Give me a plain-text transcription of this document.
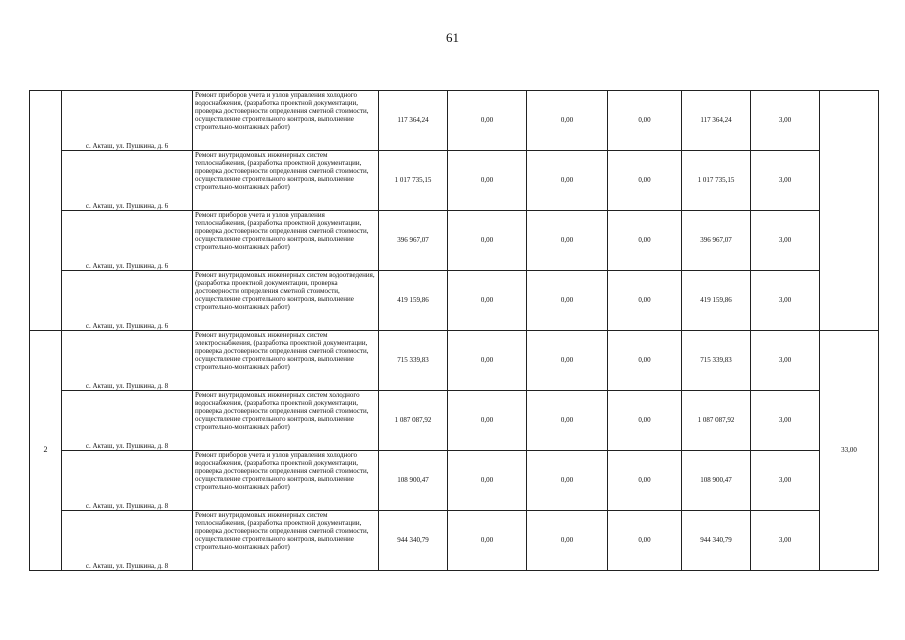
61
	с. Акташ, ул. Пушкина, д. 6	Ремонт приборов учета и узлов управления холодного водоснабжения, (разработка проектной документации, проверка достоверности определения сметной стоимости, осуществление строительного контроля, выполнение строительно-монтажных работ)	117 364,24	0,00	0,00	0,00	117 364,24	3,00	
	с. Акташ, ул. Пушкина, д. 6	Ремонт внутридомовых инженерных систем теплоснабжения, (разработка проектной документации, проверка достоверности определения сметной стоимости, осуществление строительного контроля, выполнение строительно-монтажных работ)	1 017 735,15	0,00	0,00	0,00	1 017 735,15	3,00	
	с. Акташ, ул. Пушкина, д. 6	Ремонт приборов учета и узлов управления теплоснабжения, (разработка проектной документации, проверка достоверности определения сметной стоимости, осуществление строительного контроля, выполнение строительно-монтажных работ)	396 967,07	0,00	0,00	0,00	396 967,07	3,00	
	с. Акташ, ул. Пушкина, д. 6	Ремонт внутридомовых инженерных систем водоотведения, (разработка проектной документации, проверка достоверности определения сметной стоимости, осуществление строительного контроля, выполнение строительно-монтажных работ)	419 159,86	0,00	0,00	0,00	419 159,86	3,00	
2	с. Акташ, ул. Пушкина, д. 8	Ремонт внутридомовых инженерных систем электроснабжения, (разработка проектной документации, проверка достоверности определения сметной стоимости, осуществление строительного контроля, выполнение строительно-монтажных работ)	715 339,83	0,00	0,00	0,00	715 339,83	3,00	33,00
	с. Акташ, ул. Пушкина, д. 8	Ремонт внутридомовых инженерных систем холодного водоснабжения, (разработка проектной документации, проверка достоверности определения сметной стоимости, осуществление строительного контроля, выполнение строительно-монтажных работ)	1 087 087,92	0,00	0,00	0,00	1 087 087,92	3,00	
	с. Акташ, ул. Пушкина, д. 8	Ремонт приборов учета и узлов управления холодного водоснабжения, (разработка проектной документации, проверка достоверности определения сметной стоимости, осуществление строительного контроля, выполнение строительно-монтажных работ)	108 900,47	0,00	0,00	0,00	108 900,47	3,00	
	с. Акташ, ул. Пушкина, д. 8	Ремонт внутридомовых инженерных систем теплоснабжения, (разработка проектной документации, проверка достоверности определения сметной стоимости, осуществление строительного контроля, выполнение строительно-монтажных работ)	944 340,79	0,00	0,00	0,00	944 340,79	3,00	
